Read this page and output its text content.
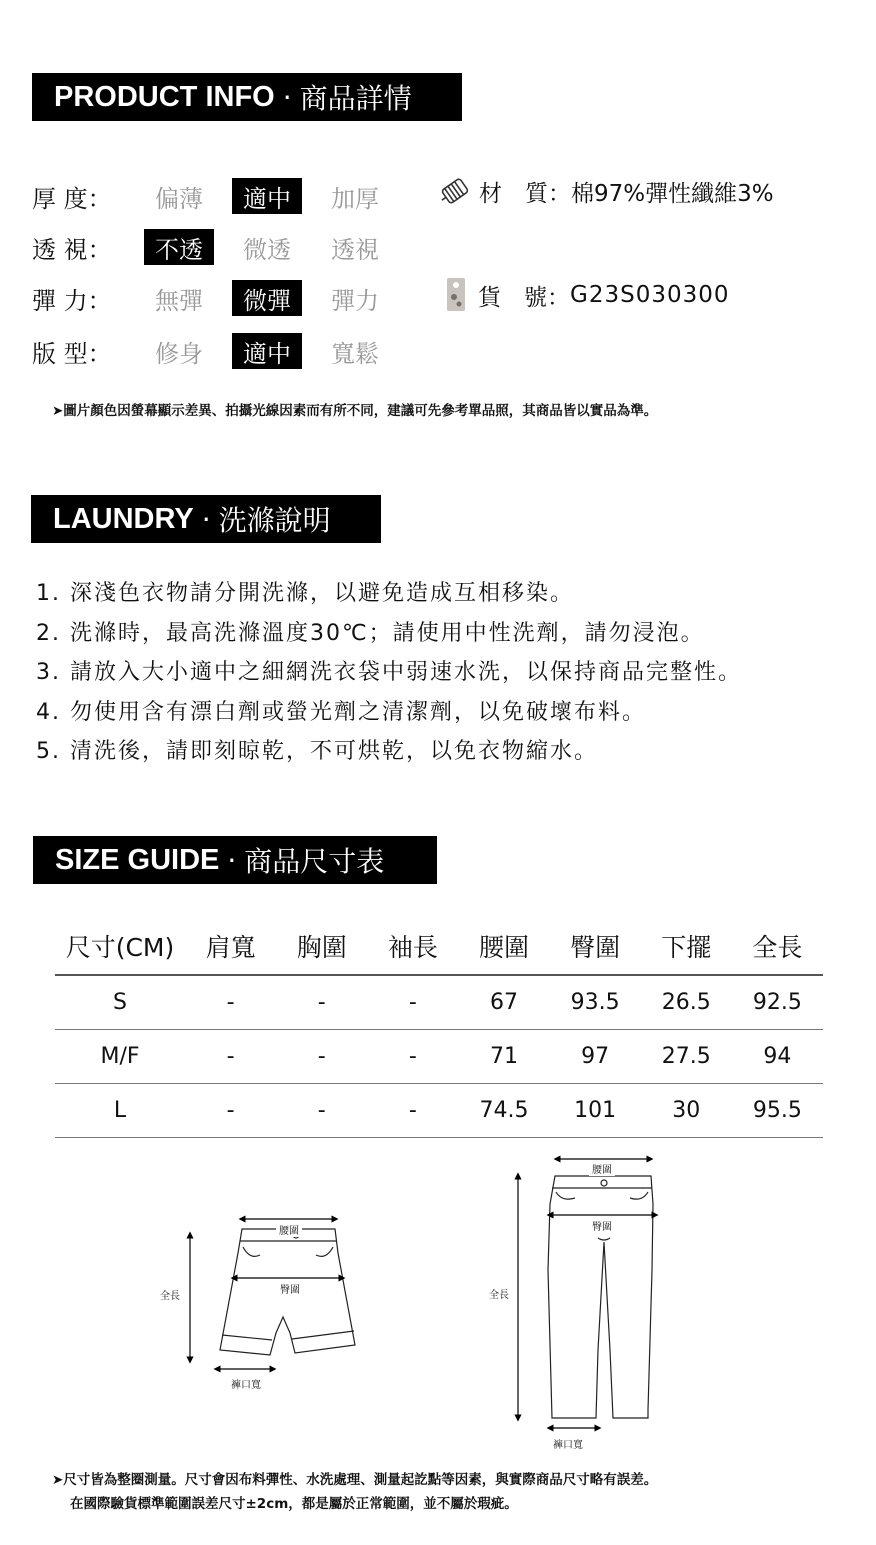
PRODUCT INFO · 商品詳情
厚 度：	偏薄	適中	加厚
透 視：	不透	微透	透視
彈 力：	無彈	微彈	彈力
版 型：	修身	適中	寬鬆
材　質： 棉97%彈性纖維3%
貨　號： G23S030300
➤圖片顏色因螢幕顯示差異、拍攝光線因素而有所不同，建議可先參考單品照，其商品皆以實品為準。
LAUNDRY · 洗滌說明
1. 深淺色衣物請分開洗滌，以避免造成互相移染。
2. 洗滌時，最高洗滌溫度30℃；請使用中性洗劑，請勿浸泡。
3. 請放入大小適中之細網洗衣袋中弱速水洗，以保持商品完整性。
4. 勿使用含有漂白劑或螢光劑之清潔劑，以免破壞布料。
5. 清洗後，請即刻晾乾，不可烘乾，以免衣物縮水。
SIZE GUIDE · 商品尺寸表
尺寸(CM)	肩寬	胸圍	袖長	腰圍	臀圍	下擺	全長
S	-	-	-	67	93.5	26.5	92.5
M/F	-	-	-	71	97	27.5	94
L	-	-	-	74.5	101	30	95.5
腰圍
臀圍
全長
褲口寬
腰圍
臀圍
全長
褲口寬
➤尺寸皆為整圈測量。尺寸會因布料彈性、水洗處理、測量起訖點等因素，與實際商品尺寸略有誤差。
在國際驗貨標準範圍誤差尺寸±2cm，都是屬於正常範圍，並不屬於瑕疵。
